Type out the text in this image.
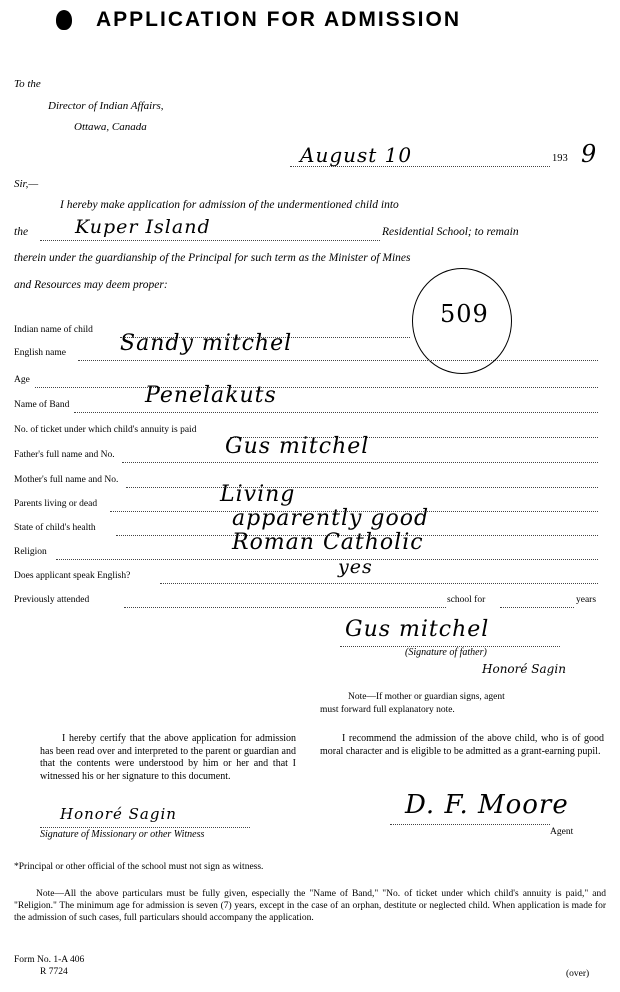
APPLICATION FOR ADMISSION
To the
Director of Indian Affairs,
Ottawa, Canada
August 10	193 9
Sir,—
I hereby make application for admission of the undermentioned child into
the Kuper Island	Residential School; to remain
therein under the guardianship of the Principal for such term as the Minister of Mines
and Resources may deem proper:
509
Indian name of child
English name Sandy mitchel
Age
Name of Band	Penelakuts
No. of ticket under which child's annuity is paid
Father's full name and No.	Gus mitchel
Mother's full name and No.
Parents living or dead	Living
State of child's health	apparently good
Religion	Roman Catholic
Does applicant speak English?	yes
Previously attended	school for	years
Gus mitchel
(Signature of father)
Honoré Sagin
Note—If mother or guardian signs, agent
must forward full explanatory note.
I hereby certify that the above application for admission has been read over and interpreted to the parent or guardian and that the contents were understood by him or her and that I witnessed his or her signature to this document.
I recommend the admission of the above child, who is of good moral character and is eligible to be admitted as a grant-earning pupil.
Honoré Sagin
Signature of Missionary or other Witness
D. F. Moore
Agent
*Principal or other official of the school must not sign as witness.
Note—All the above particulars must be fully given, especially the "Name of Band," "No. of ticket under which child's annuity is paid," and "Religion." The minimum age for admission is seven (7) years, except in the case of an orphan, destitute or neglected child. When application is made for the admission of such cases, full particulars should accompany the application.
Form No. 1-A 406
R 7724	(over)
